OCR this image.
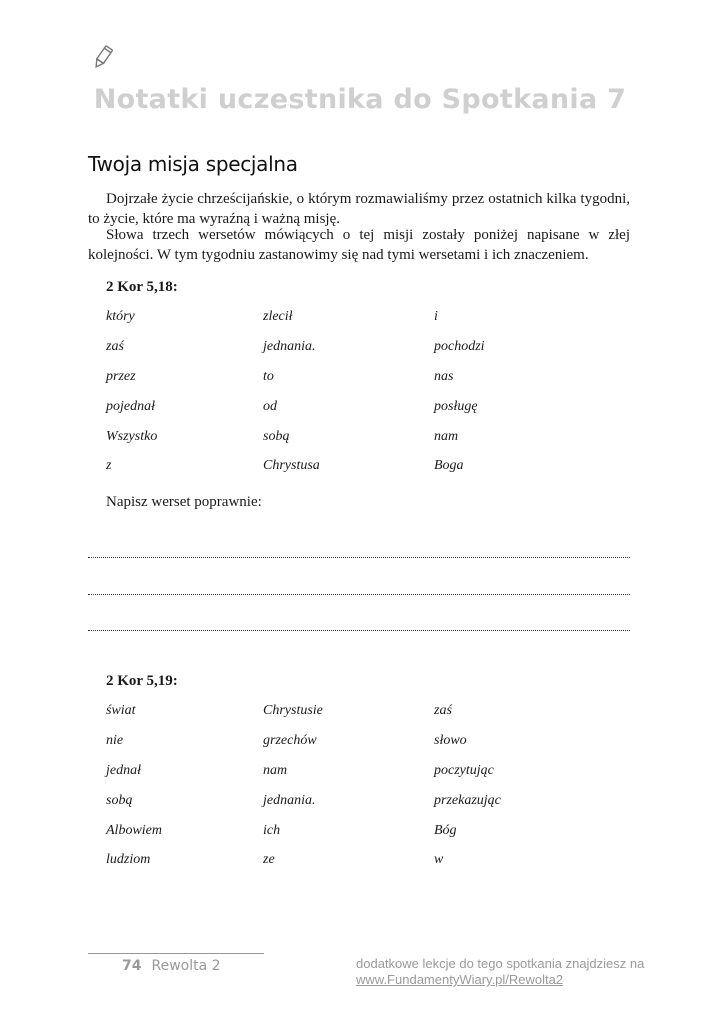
Notatki uczestnika do Spotkania 7
Twoja misja specjalna

Dojrzałe życie chrześcijańskie, o którym rozmawialiśmy przez ostatnich kilka tygodni, to życie, które ma wyraźną i ważną misję.

Słowa trzech wersetów mówiących o tej misji zostały poniżej napisane w złej kolejności. W tym tygodniu zastanowimy się nad tymi wersetami i ich znaczeniem.

2 Kor 5,18:
który	zlecił	i
zaś	jednania.	pochodzi
przez	to	nas
pojednał	od	posługę
Wszystko	sobą	nam
z	Chrystusa	Boga
Napisz werset poprawnie:
2 Kor 5,19:
świat	Chrystusie	zaś
nie	grzechów	słowo
jednał	nam	poczytując
sobą	jednania.	przekazując
Albowiem	ich	Bóg
ludziom	ze	w
74 Rewolta 2	dodatkowe lekcje do tego spotkania znajdziesz na
www.FundamentyWiary.pl/Rewolta2
